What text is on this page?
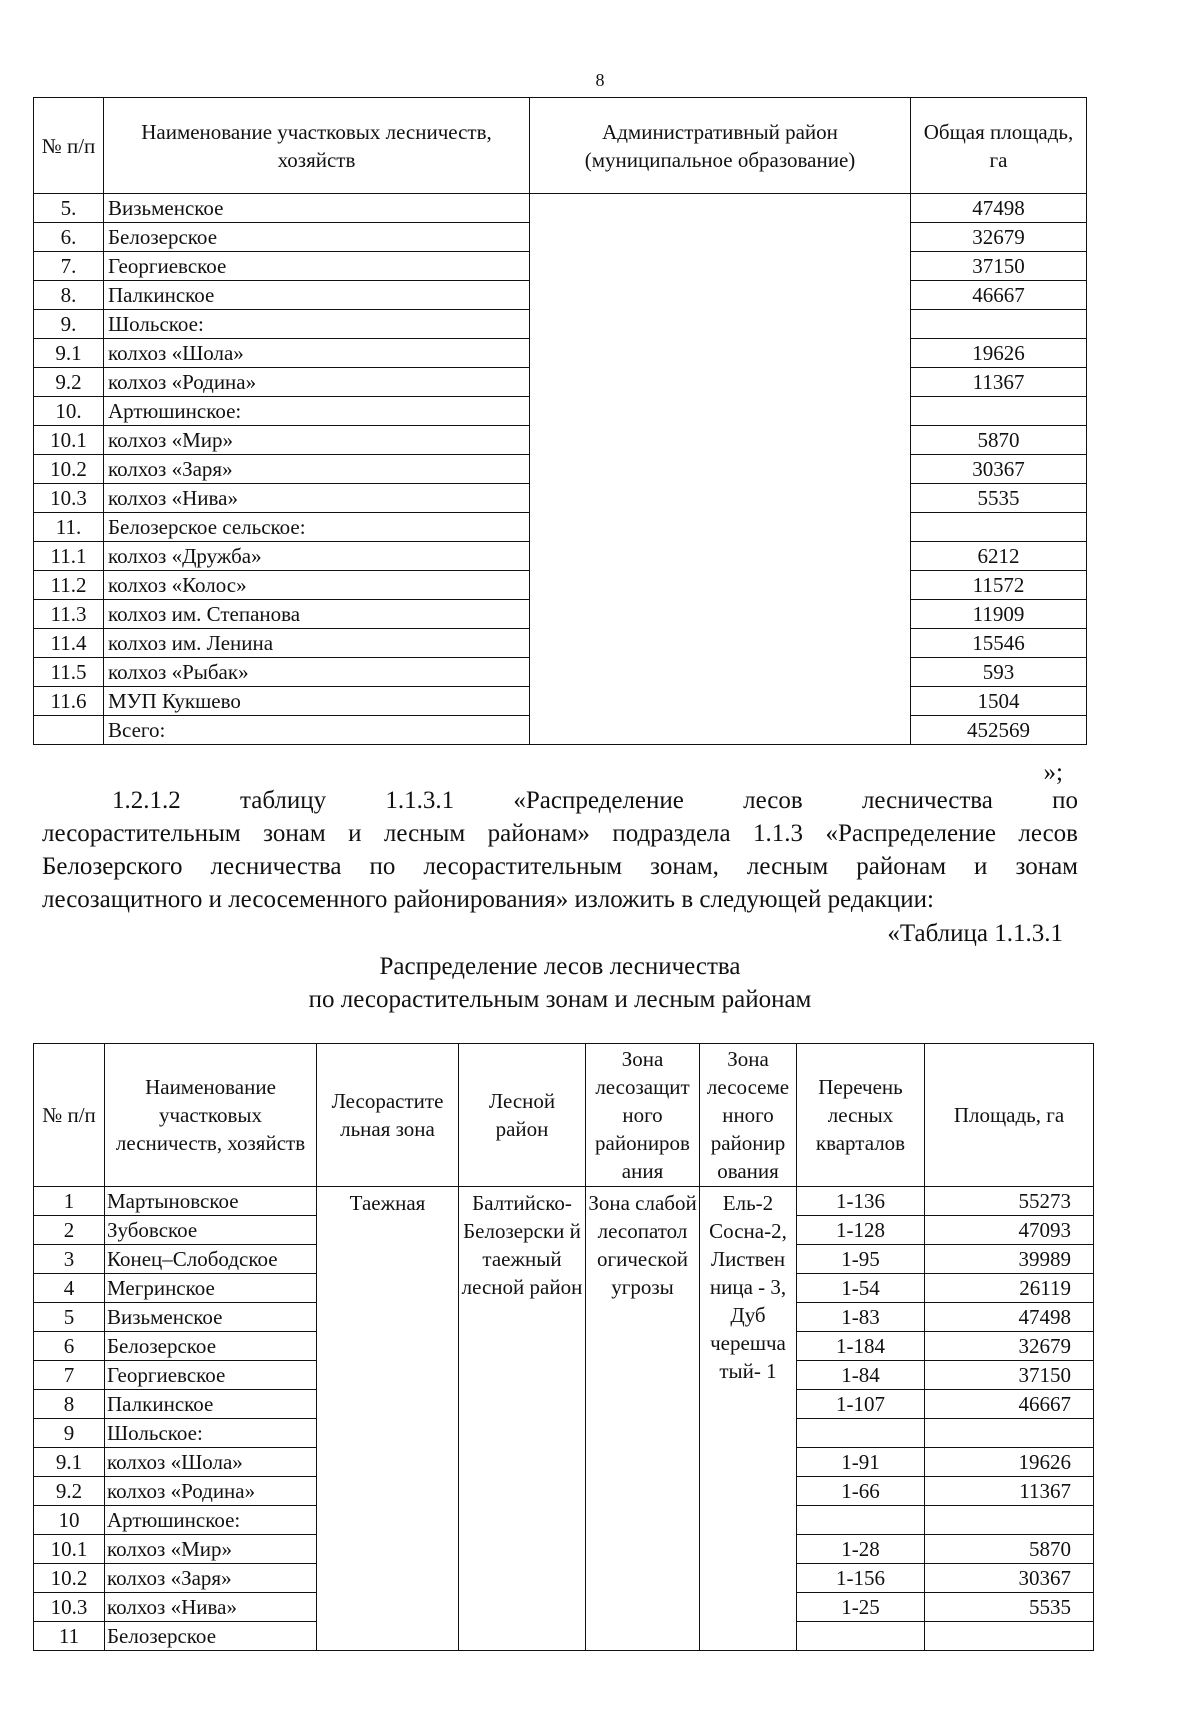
8
№ п/п	Наименование участковых лесничеств, хозяйств	Административный район (муниципальное образование)	Общая площадь, га
5.	Визьменское		47498
6.	Белозерское		32679
7.	Георгиевское		37150
8.	Палкинское		46667
9.	Шольское:		
9.1	колхоз «Шола»		19626
9.2	колхоз «Родина»		11367
10.	Артюшинское:		
10.1	колхоз «Мир»		5870
10.2	колхоз «Заря»		30367
10.3	колхоз «Нива»		5535
11.	Белозерское сельское:		
11.1	колхоз «Дружба»		6212
11.2	колхоз «Колос»		11572
11.3	колхоз им. Степанова		11909
11.4	колхоз им. Ленина		15546
11.5	колхоз «Рыбак»		593
11.6	МУП Кукшево		1504
	Всего:		452569
»;
1.2.1.2 таблицу 1.1.3.1 «Распределение лесов лесничества по
лесорастительным зонам и лесным районам» подраздела 1.1.3 «Распределение лесов
Белозерского лесничества по лесорастительным зонам, лесным районам и зонам
лесозащитного и лесосеменного районирования» изложить в следующей редакции:
«Таблица 1.1.3.1
Распределение лесов лесничества
по лесорастительным зонам и лесным районам
№ п/п	Наименование участковых лесничеств, хозяйств	Лесорастите льная зона	Лесной район	Зона лесозащит ного райониров ания	Зона лесосеме нного районир ования	Перечень лесных кварталов	Площадь, га
1	Мартыновское	Таежная	Балтийско-Белозерски й таежный лесной район	Зона слабой лесопатол огической угрозы	Ель-2 Сосна-2, Листвен ница - 3, Дуб черешча тый- 1	1-136	55273
2	Зубовское					1-128	47093
3	Конец–Слободское					1-95	39989
4	Мегринское					1-54	26119
5	Визьменское					1-83	47498
6	Белозерское					1-184	32679
7	Георгиевское					1-84	37150
8	Палкинское					1-107	46667
9	Шольское:						
9.1	колхоз «Шола»					1-91	19626
9.2	колхоз «Родина»					1-66	11367
10	Артюшинское:						
10.1	колхоз «Мир»					1-28	5870
10.2	колхоз «Заря»					1-156	30367
10.3	колхоз «Нива»					1-25	5535
11	Белозерское						
